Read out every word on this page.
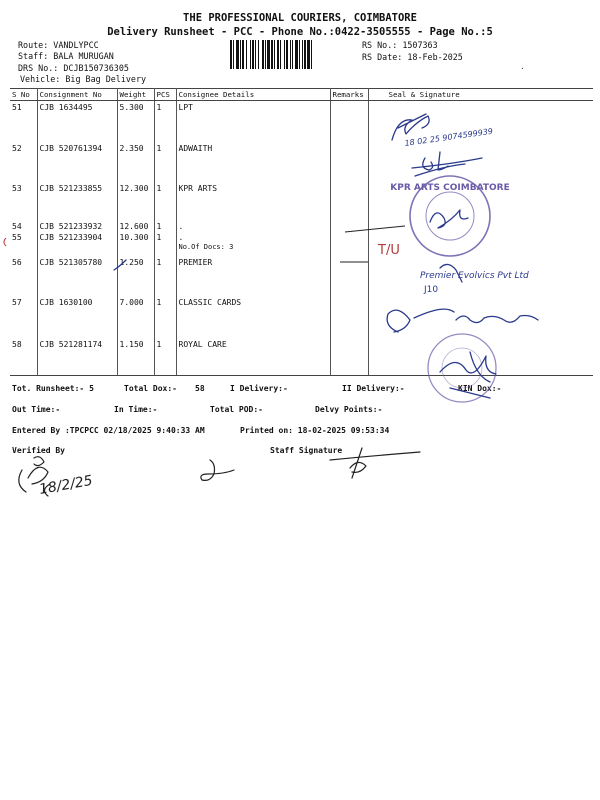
THE PROFESSIONAL COURIERS, COIMBATORE
Delivery Runsheet - PCC - Phone No.:0422-3505555 - Page No.:5
Route: VANDLYPCC
Staff: BALA MURUGAN
DRS No.: DCJB150736305
Vehicle: Big Bag Delivery
RS No.: 1507363
RS Date: 18-Feb-2025
S No	Consignment No	Weight	PCS	Consignee Details	Remarks	Seal & Signature
51	CJB 1634495	5.300	1	LPT		
52	CJB 520761394	2.350	1	ADWAITH		
53	CJB 521233855	12.300	1	KPR ARTS		
54	CJB 521233932	12.600	1	.		
55	CJB 521233904	10.300	1	.
No.Of Docs: 3		
56	CJB 521305780	1.250	1	PREMIER		
57	CJB 1630100	7.000	1	CLASSIC CARDS		
58	CJB 521281174	1.150	1	ROYAL CARE		
Tot. Runsheet:- 5	Total Dox:- 58	I Delivery:-	II Delivery:-	KIN Dox:-
Out Time:-	In Time:-	Total POD:-	Delvy Points:-
Entered By :TPCPCC 02/18/2025 9:40:33 AM	Printed on: 18-02-2025 09:53:34
Verified By	Staff Signature
18 02 25 9074599939
KPR ARTS COIMBATORE
T/U
Premier Evolvics Pvt Ltd
J10
18/2/25
.
